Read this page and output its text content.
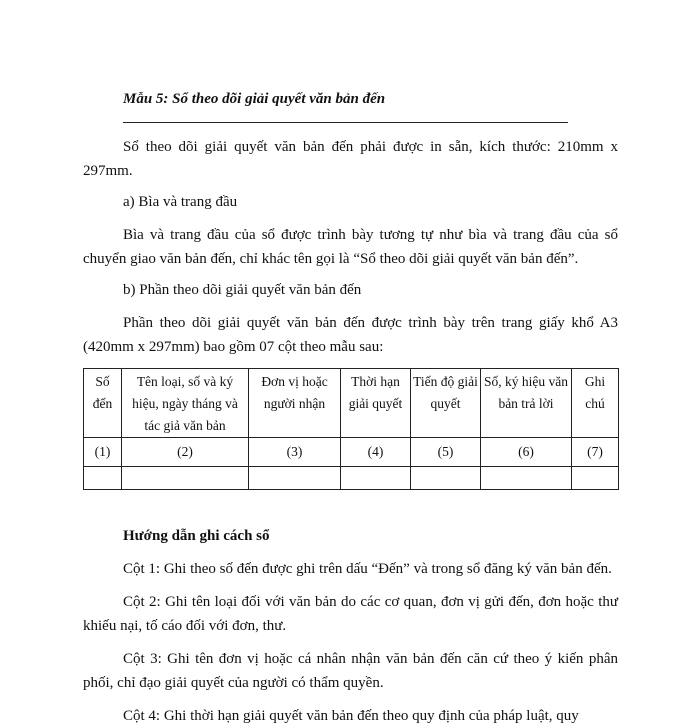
Mẫu 5: Sổ theo dõi giải quyết văn bản đến

Sổ theo dõi giải quyết văn bản đến phải được in sẵn, kích thước: 210mm x 297mm.

a) Bìa và trang đầu

Bìa và trang đầu của sổ được trình bày tương tự như bìa và trang đầu của sổ chuyển giao văn bản đến, chỉ khác tên gọi là “Sổ theo dõi giải quyết văn bản đến”.

b) Phần theo dõi giải quyết văn bản đến

Phần theo dõi giải quyết văn bản đến được trình bày trên trang giấy khổ A3 (420mm x 297mm) bao gồm 07 cột theo mẫu sau:

Số đến	Tên loại, số và ký hiệu, ngày tháng và tác giả văn bản	Đơn vị hoặc người nhận	Thời hạn giải quyết	Tiến độ giải quyết	Số, ký hiệu văn bản trả lời	Ghi chú
(1)	(2)	(3)	(4)	(5)	(6)	(7)

Hướng dẫn ghi cách sổ

Cột 1: Ghi theo số đến được ghi trên dấu “Đến” và trong sổ đăng ký văn bản đến.

Cột 2: Ghi tên loại đối với văn bản do các cơ quan, đơn vị gửi đến, đơn hoặc thư khiếu nại, tố cáo đối với đơn, thư.

Cột 3: Ghi tên đơn vị hoặc cá nhân nhận văn bản đến căn cứ theo ý kiến phân phối, chỉ đạo giải quyết của người có thẩm quyền.

Cột 4: Ghi thời hạn giải quyết văn bản đến theo quy định của pháp luật, quy
